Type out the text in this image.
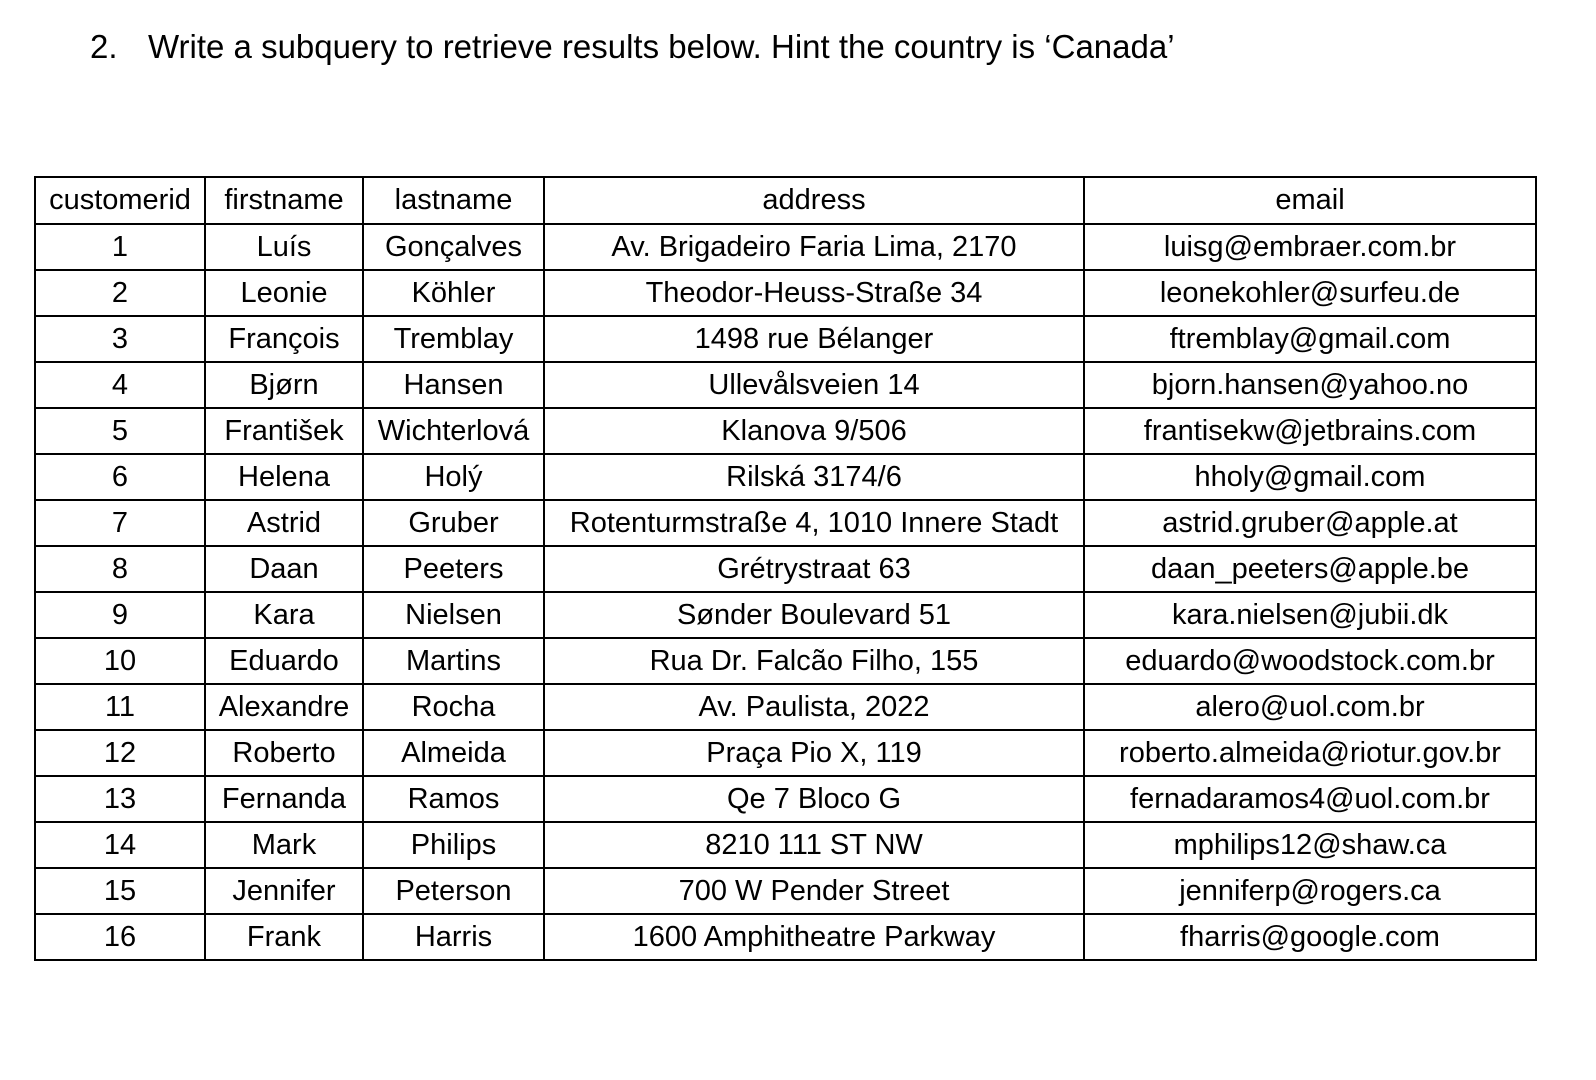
2. Write a subquery to retrieve results below. Hint the country is ‘Canada’
customerid	firstname	lastname	address	email
1	Luís	Gonçalves	Av. Brigadeiro Faria Lima, 2170	luisg@embraer.com.br
2	Leonie	Köhler	Theodor-Heuss-Straße 34	leonekohler@surfeu.de
3	François	Tremblay	1498 rue Bélanger	ftremblay@gmail.com
4	Bjørn	Hansen	Ullevålsveien 14	bjorn.hansen@yahoo.no
5	František	Wichterlová	Klanova 9/506	frantisekw@jetbrains.com
6	Helena	Holý	Rilská 3174/6	hholy@gmail.com
7	Astrid	Gruber	Rotenturmstraße 4, 1010 Innere Stadt	astrid.gruber@apple.at
8	Daan	Peeters	Grétrystraat 63	daan_peeters@apple.be
9	Kara	Nielsen	Sønder Boulevard 51	kara.nielsen@jubii.dk
10	Eduardo	Martins	Rua Dr. Falcão Filho, 155	eduardo@woodstock.com.br
11	Alexandre	Rocha	Av. Paulista, 2022	alero@uol.com.br
12	Roberto	Almeida	Praça Pio X, 119	roberto.almeida@riotur.gov.br
13	Fernanda	Ramos	Qe 7 Bloco G	fernadaramos4@uol.com.br
14	Mark	Philips	8210 111 ST NW	mphilips12@shaw.ca
15	Jennifer	Peterson	700 W Pender Street	jenniferp@rogers.ca
16	Frank	Harris	1600 Amphitheatre Parkway	fharris@google.com
